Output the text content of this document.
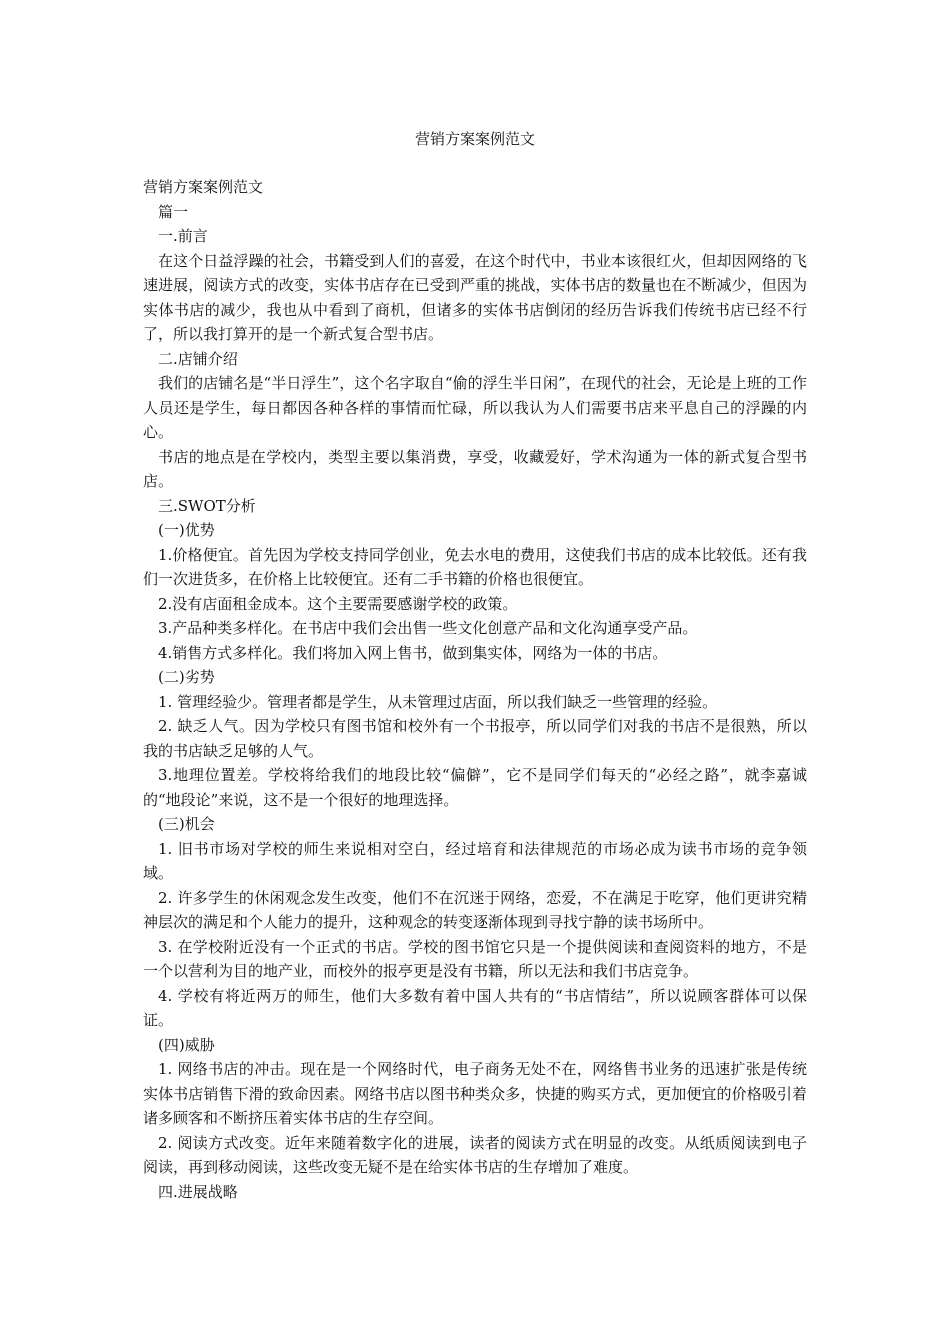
营销方案案例范文

营销方案案例范文

篇一

一.前言

在这个日益浮躁的社会，书籍受到人们的喜爱，在这个时代中，书业本该很红火，但却因网络的飞速进展，阅读方式的改变，实体书店存在已受到严重的挑战，实体书店的数量也在不断减少，但因为实体书店的减少，我也从中看到了商机，但诸多的实体书店倒闭的经历告诉我们传统书店已经不行了，所以我打算开的是一个新式复合型书店。

二.店铺介绍

我们的店铺名是“半日浮生”，这个名字取自“偷的浮生半日闲”，在现代的社会，无论是上班的工作人员还是学生，每日都因各种各样的事情而忙碌，所以我认为人们需要书店来平息自己的浮躁的内心。

书店的地点是在学校内，类型主要以集消费，享受，收藏爱好，学术沟通为一体的新式复合型书店。

三.SWOT分析

(一)优势

1.价格便宜。首先因为学校支持同学创业，免去水电的费用，这使我们书店的成本比较低。还有我们一次进货多，在价格上比较便宜。还有二手书籍的价格也很便宜。

2.没有店面租金成本。这个主要需要感谢学校的政策。

3.产品种类多样化。在书店中我们会出售一些文化创意产品和文化沟通享受产品。

4.销售方式多样化。我们将加入网上售书，做到集实体，网络为一体的书店。

(二)劣势

1. 管理经验少。管理者都是学生，从未管理过店面，所以我们缺乏一些管理的经验。

2. 缺乏人气。因为学校只有图书馆和校外有一个书报亭，所以同学们对我的书店不是很熟，所以我的书店缺乏足够的人气。

3.地理位置差。学校将给我们的地段比较“偏僻”，它不是同学们每天的“必经之路”，就李嘉诚的“地段论”来说，这不是一个很好的地理选择。

(三)机会

1. 旧书市场对学校的师生来说相对空白，经过培育和法律规范的市场必成为读书市场的竞争领域。

2. 许多学生的休闲观念发生改变，他们不在沉迷于网络，恋爱，不在满足于吃穿，他们更讲究精神层次的满足和个人能力的提升，这种观念的转变逐渐体现到寻找宁静的读书场所中。

3. 在学校附近没有一个正式的书店。学校的图书馆它只是一个提供阅读和查阅资料的地方，不是一个以营利为目的地产业，而校外的报亭更是没有书籍，所以无法和我们书店竞争。

4. 学校有将近两万的师生，他们大多数有着中国人共有的“书店情结”，所以说顾客群体可以保证。

(四)威胁

1. 网络书店的冲击。现在是一个网络时代，电子商务无处不在，网络售书业务的迅速扩张是传统实体书店销售下滑的致命因素。网络书店以图书种类众多，快捷的购买方式，更加便宜的价格吸引着诸多顾客和不断挤压着实体书店的生存空间。

2. 阅读方式改变。近年来随着数字化的进展，读者的阅读方式在明显的改变。从纸质阅读到电子阅读，再到移动阅读，这些改变无疑不是在给实体书店的生存增加了难度。

四.进展战略
